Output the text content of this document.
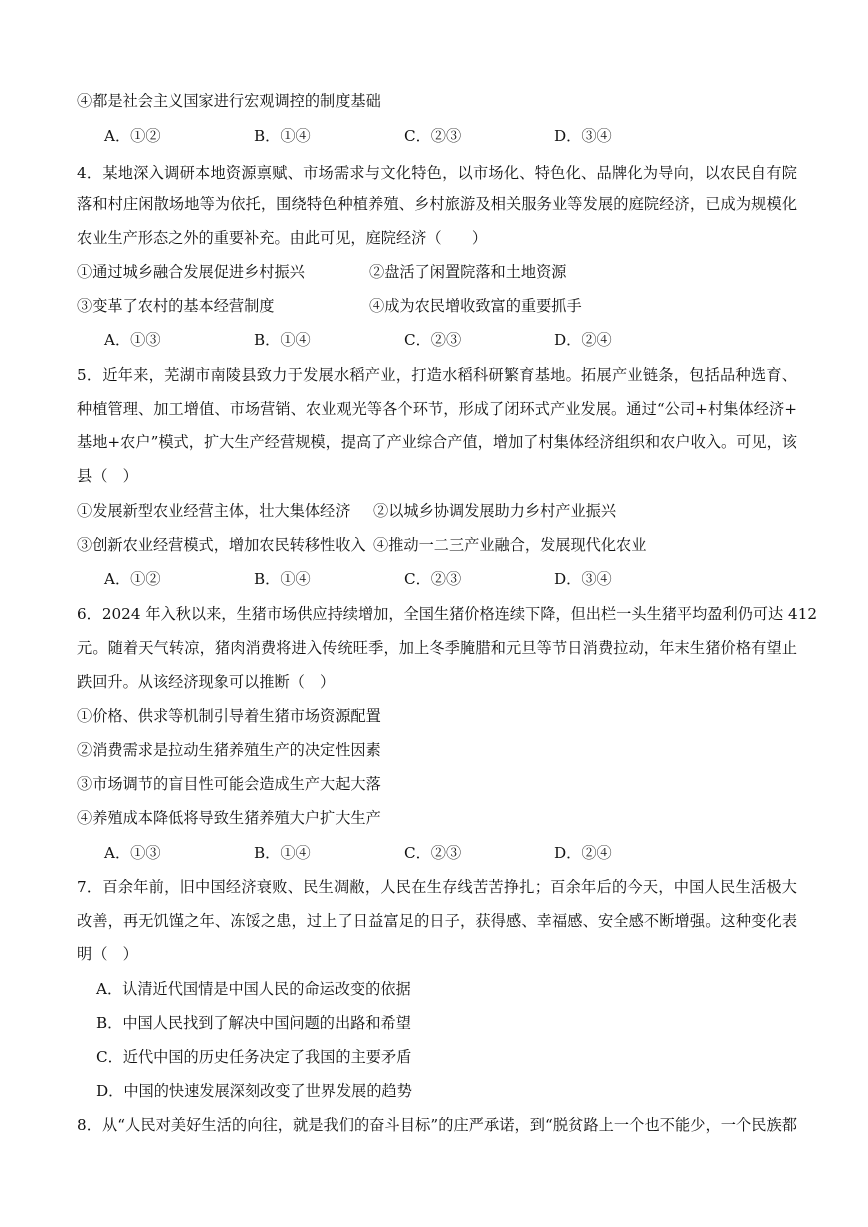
④都是社会主义国家进行宏观调控的制度基础
A．①②	B．①④	C．②③	D．③④
4．某地深入调研本地资源禀赋、市场需求与文化特色，以市场化、特色化、品牌化为导向，以农民自有院
落和村庄闲散场地等为依托，围绕特色种植养殖、乡村旅游及相关服务业等发展的庭院经济，已成为规模化
农业生产形态之外的重要补充。由此可见，庭院经济（　　）
①通过城乡融合发展促进乡村振兴	②盘活了闲置院落和土地资源
③变革了农村的基本经营制度	④成为农民增收致富的重要抓手
A．①③	B．①④	C．②③	D．②④
5．近年来，芜湖市南陵县致力于发展水稻产业，打造水稻科研繁育基地。拓展产业链条，包括品种选育、
种植管理、加工增值、市场营销、农业观光等各个环节，形成了闭环式产业发展。通过“公司+村集体经济+
基地+农户”模式，扩大生产经营规模，提高了产业综合产值，增加了村集体经济组织和农户收入。可见，该
县（　）
①发展新型农业经营主体，壮大集体经济 ②以城乡协调发展助力乡村产业振兴
③创新农业经营模式，增加农民转移性收入 ④推动一二三产业融合，发展现代化农业
A．①②	B．①④	C．②③	D．③④
6．2024 年入秋以来，生猪市场供应持续增加，全国生猪价格连续下降，但出栏一头生猪平均盈利仍可达 412
元。随着天气转凉，猪肉消费将进入传统旺季，加上冬季腌腊和元旦等节日消费拉动，年末生猪价格有望止
跌回升。从该经济现象可以推断（　）
①价格、供求等机制引导着生猪市场资源配置
②消费需求是拉动生猪养殖生产的决定性因素
③市场调节的盲目性可能会造成生产大起大落
④养殖成本降低将导致生猪养殖大户扩大生产
A．①③	B．①④	C．②③	D．②④
7．百余年前，旧中国经济衰败、民生凋敝，人民在生存线苦苦挣扎；百余年后的今天，中国人民生活极大
改善，再无饥馑之年、冻馁之患，过上了日益富足的日子，获得感、幸福感、安全感不断增强。这种变化表
明（　）
A．认清近代国情是中国人民的命运改变的依据
B．中国人民找到了解决中国问题的出路和希望
C．近代中国的历史任务决定了我国的主要矛盾
D．中国的快速发展深刻改变了世界发展的趋势
8．从“人民对美好生活的向往，就是我们的奋斗目标”的庄严承诺，到“脱贫路上一个也不能少，一个民族都
